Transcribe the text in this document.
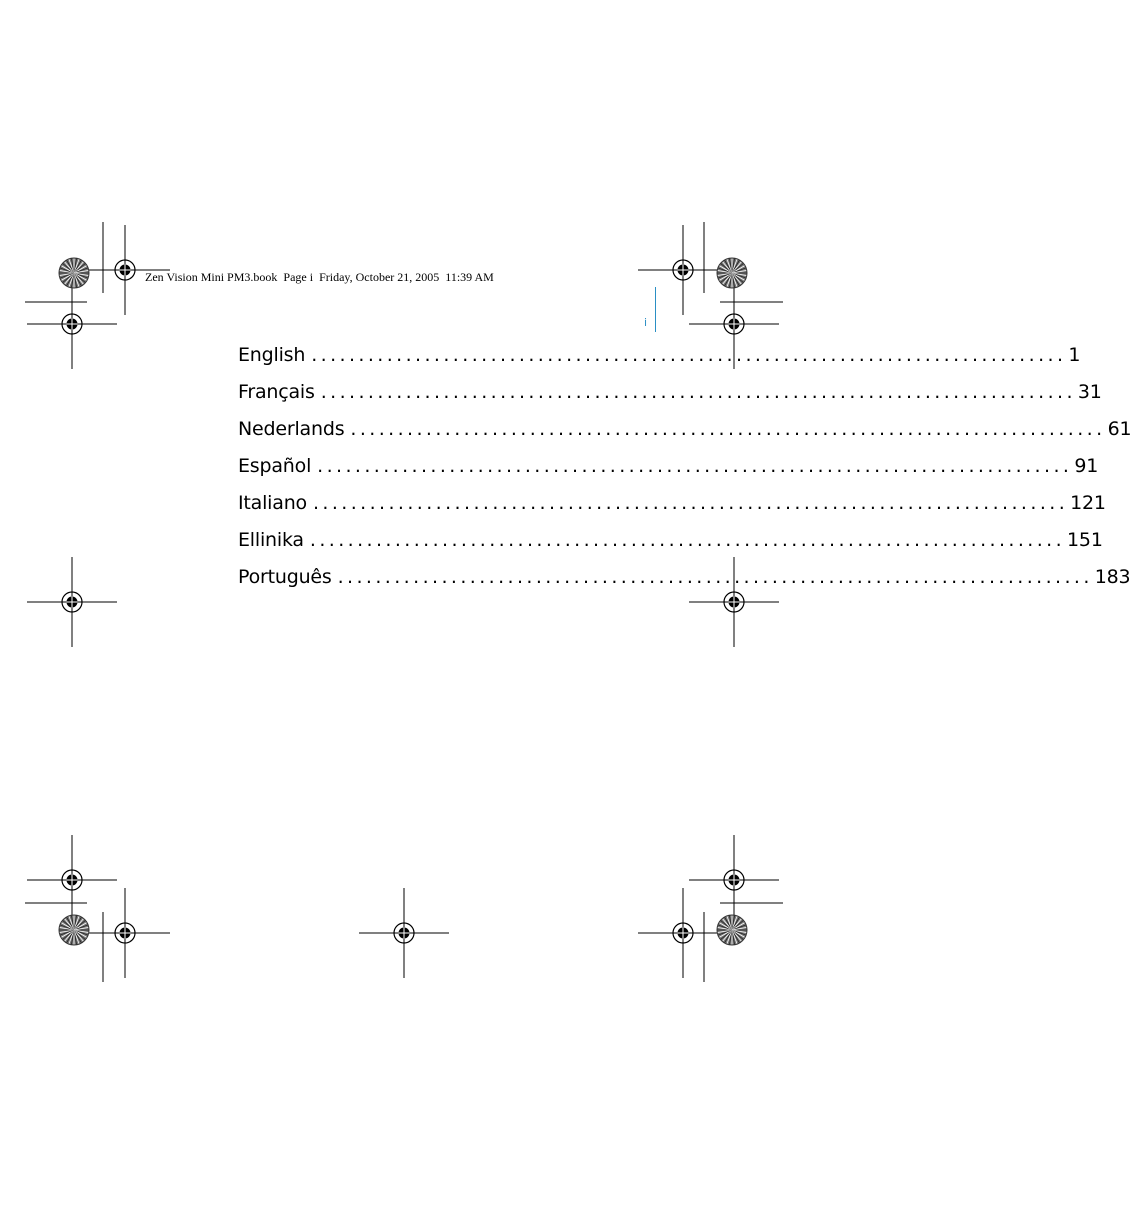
Zen Vision Mini PM3.book  Page i  Friday, October 21, 2005  11:39 AM
i
English ................................................................................ 1
Français ................................................................................ 31
Nederlands ................................................................................ 61
Español ................................................................................ 91
Italiano ................................................................................ 121
Ellinika ................................................................................ 151
Português ................................................................................ 183
